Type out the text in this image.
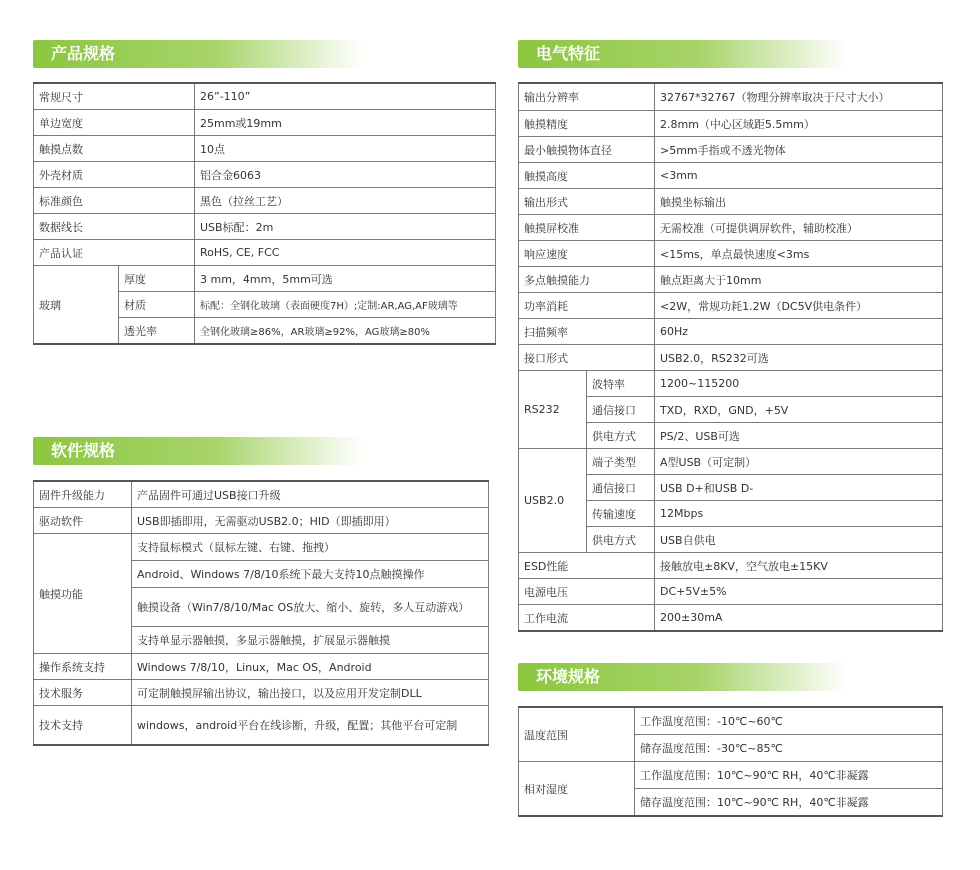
产品规格
常规尺寸		26”-110”
单边宽度		25mm或19mm
触摸点数		10点
外壳材质		铝合金6063
标准颜色		黑色（拉丝工艺）
数据线长		USB标配：2m
产品认证		RoHS, CE, FCC
玻璃	厚度	3 mm，4mm，5mm可选
	材质	标配：全钢化玻璃（表面硬度7H）;定制:AR,AG,AF玻璃等
	透光率	全钢化玻璃≥86%，AR玻璃≥92%，AG玻璃≥80%
软件规格
固件升级能力	产品固件可通过USB接口升级
驱动软件	USB即插即用，无需驱动USB2.0；HID（即插即用）
触摸功能	支持鼠标模式（鼠标左键、右键、拖拽）
	Android、Windows 7/8/10系统下最大支持10点触摸操作
	触摸设备（Win7/8/10/Mac OS放大、缩小、旋转，多人互动游戏）
	支持单显示器触摸，多显示器触摸，扩展显示器触摸
操作系统支持	Windows 7/8/10，Linux，Mac OS，Android
技术服务	可定制触摸屏输出协议，输出接口，以及应用开发定制DLL
技术支持	windows，android平台在线诊断，升级，配置；其他平台可定制
电气特征
输出分辨率		32767*32767（物理分辨率取决于尺寸大小）
触摸精度		2.8mm（中心区域距5.5mm）
最小触摸物体直径		>5mm手指或不透光物体
触摸高度		<3mm
输出形式		触摸坐标输出
触摸屏校准		无需校准（可提供调屏软件，辅助校准）
响应速度		<15ms，单点最快速度<3ms
多点触摸能力		触点距离大于10mm
功率消耗		<2W，常规功耗1.2W（DC5V供电条件）
扫描频率		60Hz
接口形式		USB2.0，RS232可选
RS232	波特率	1200~115200
	通信接口	TXD，RXD，GND，+5V
	供电方式	PS/2、USB可选
USB2.0	端子类型	A型USB（可定制）
	通信接口	USB D+和USB D-
	传输速度	12Mbps
	供电方式	USB自供电
ESD性能		接触放电±8KV，空气放电±15KV
电源电压		DC+5V±5%
工作电流		200±30mA
环境规格
温度范围	工作温度范围：-10℃~60℃
	储存温度范围：-30℃~85℃
相对湿度	工作温度范围：10℃~90℃ RH，40℃非凝露
	储存温度范围：10℃~90℃ RH，40℃非凝露
